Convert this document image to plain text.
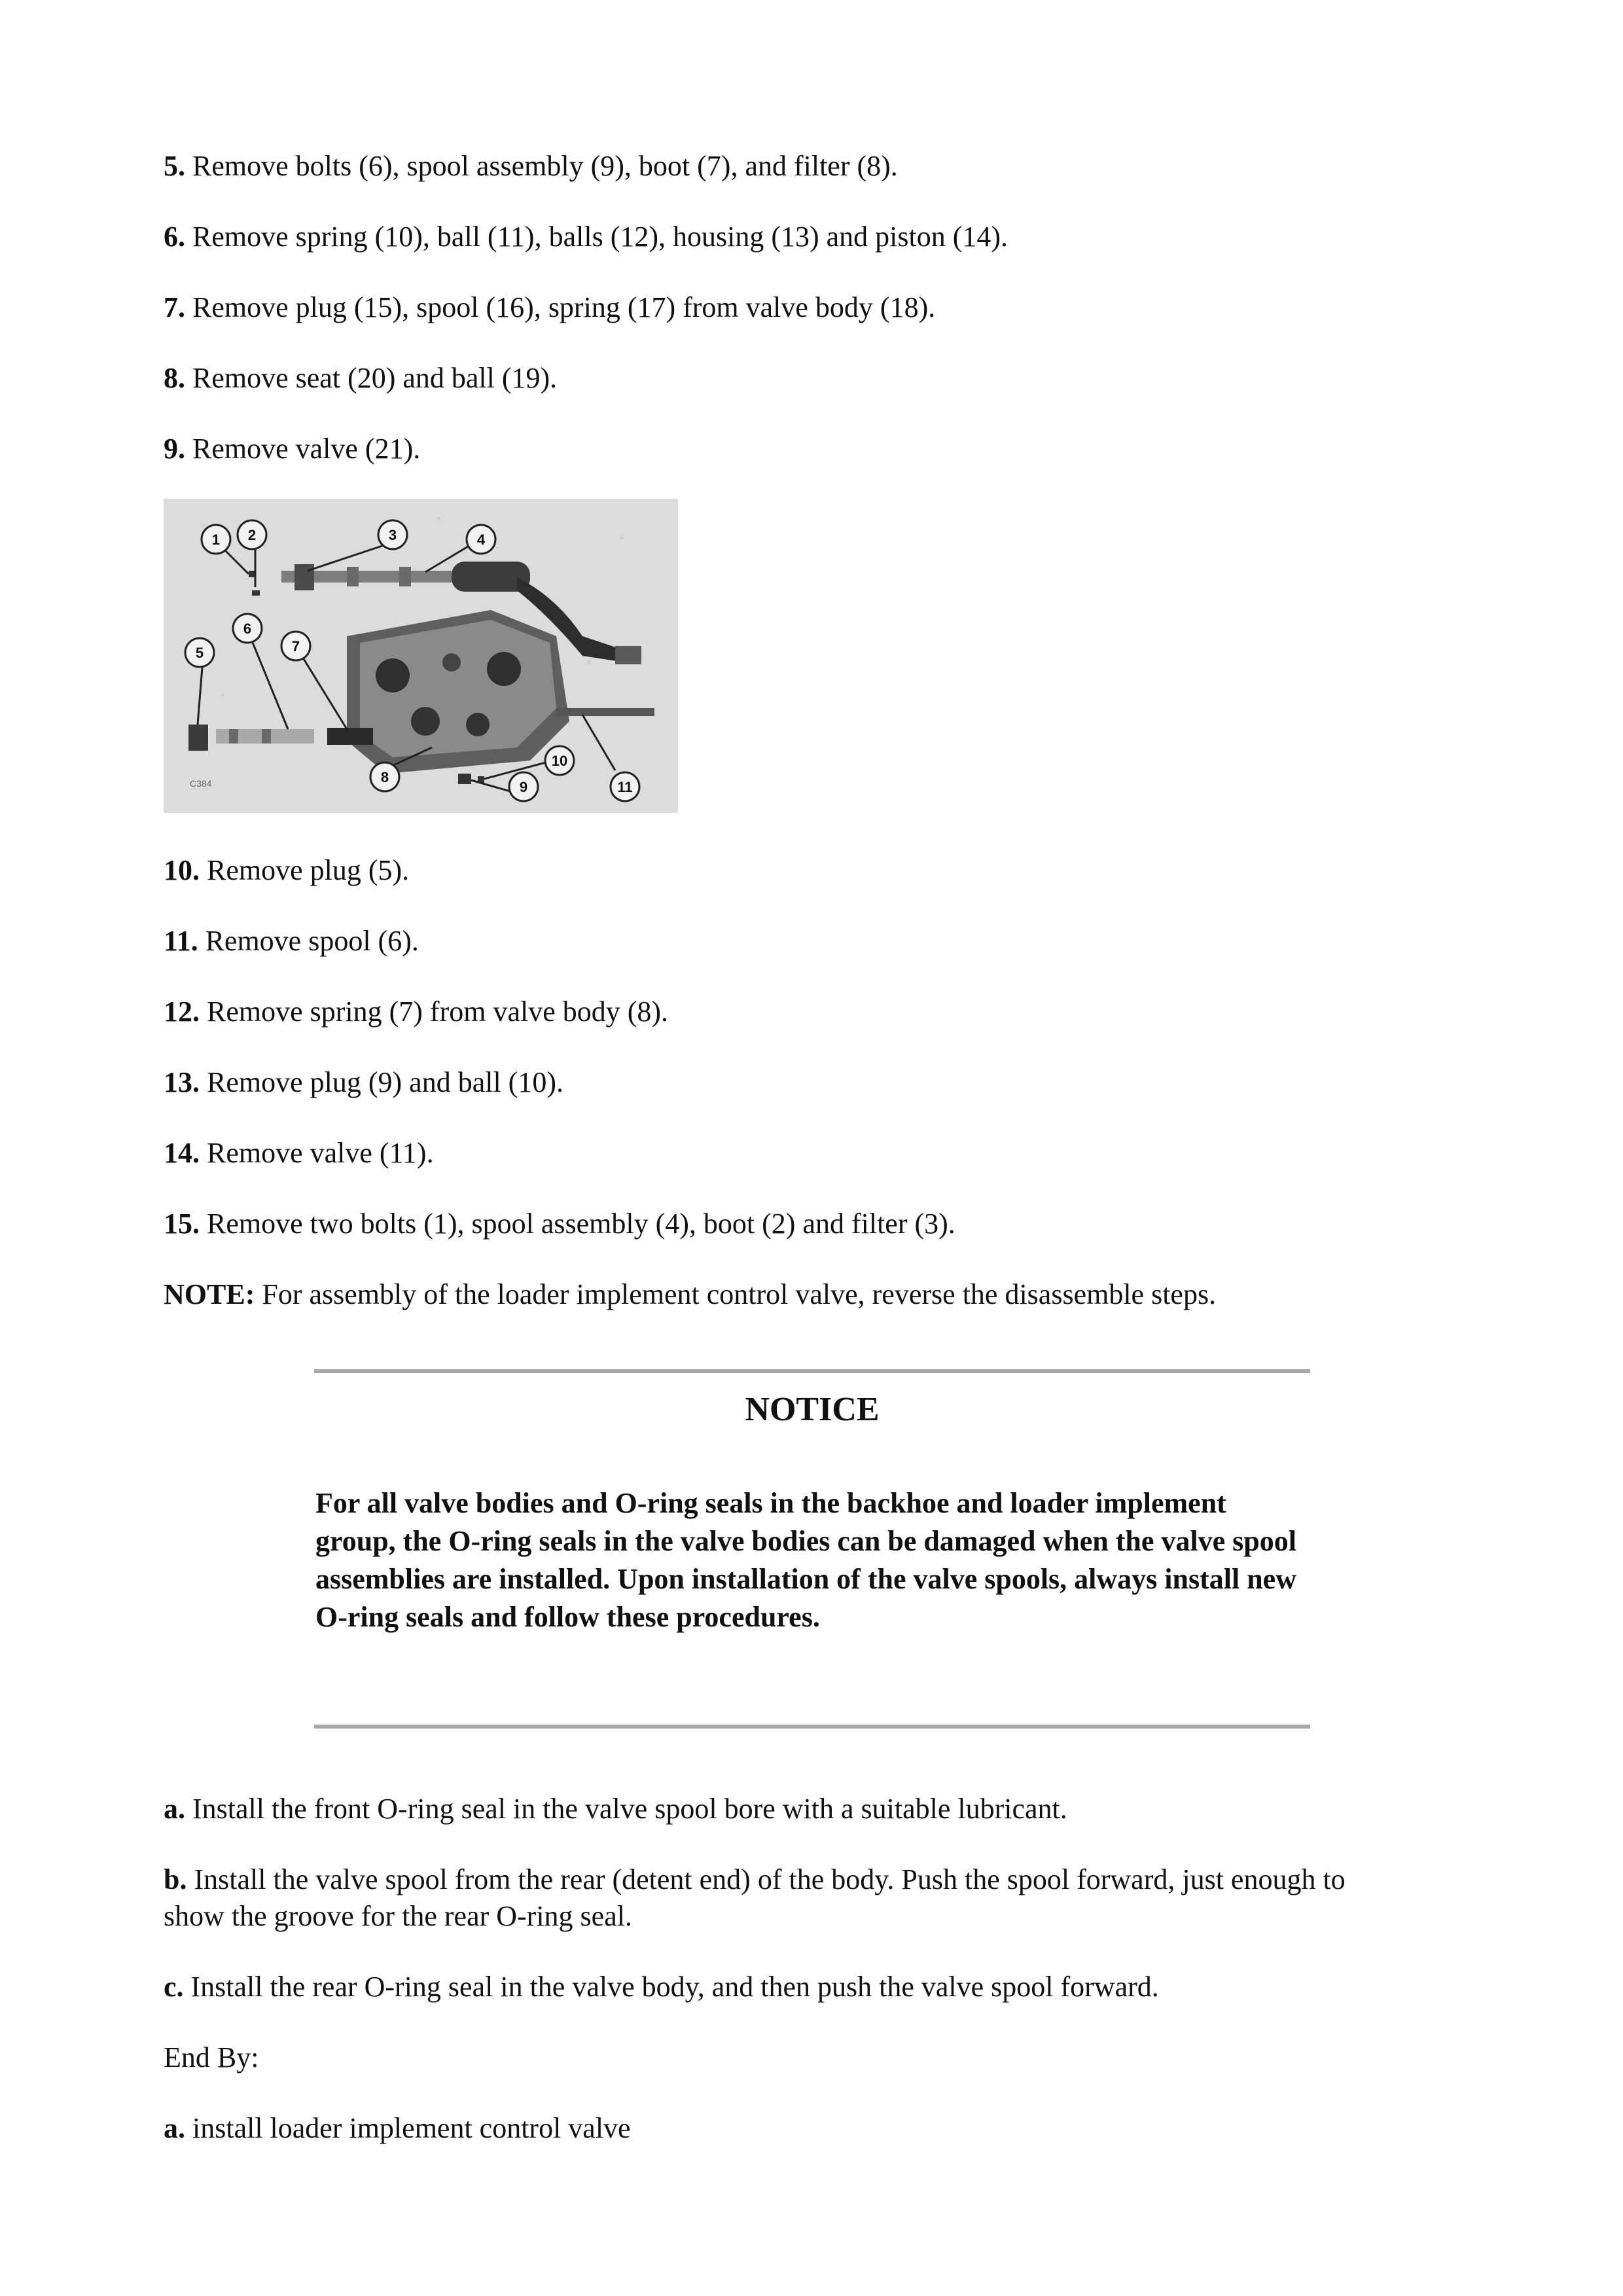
5. Remove bolts (6), spool assembly (9), boot (7), and filter (8).
6. Remove spring (10), ball (11), balls (12), housing (13) and piston (14).
7. Remove plug (15), spool (16), spring (17) from valve body (18).
8. Remove seat (20) and ball (19).
9. Remove valve (21).
1 2	3	4
5
6
7
8
9
10
11
C384
10. Remove plug (5).
11. Remove spool (6).
12. Remove spring (7) from valve body (8).
13. Remove plug (9) and ball (10).
14. Remove valve (11).
15. Remove two bolts (1), spool assembly (4), boot (2) and filter (3).
NOTE: For assembly of the loader implement control valve, reverse the disassemble steps.
NOTICE
For all valve bodies and O-ring seals in the backhoe and loader implement group, the O-ring seals in the valve bodies can be damaged when the valve spool assemblies are installed. Upon installation of the valve spools, always install new O-ring seals and follow these procedures.
a. Install the front O-ring seal in the valve spool bore with a suitable lubricant.
b. Install the valve spool from the rear (detent end) of the body. Push the spool forward, just enough to show the groove for the rear O-ring seal.
c. Install the rear O-ring seal in the valve body, and then push the valve spool forward.
End By:
a. install loader implement control valve
